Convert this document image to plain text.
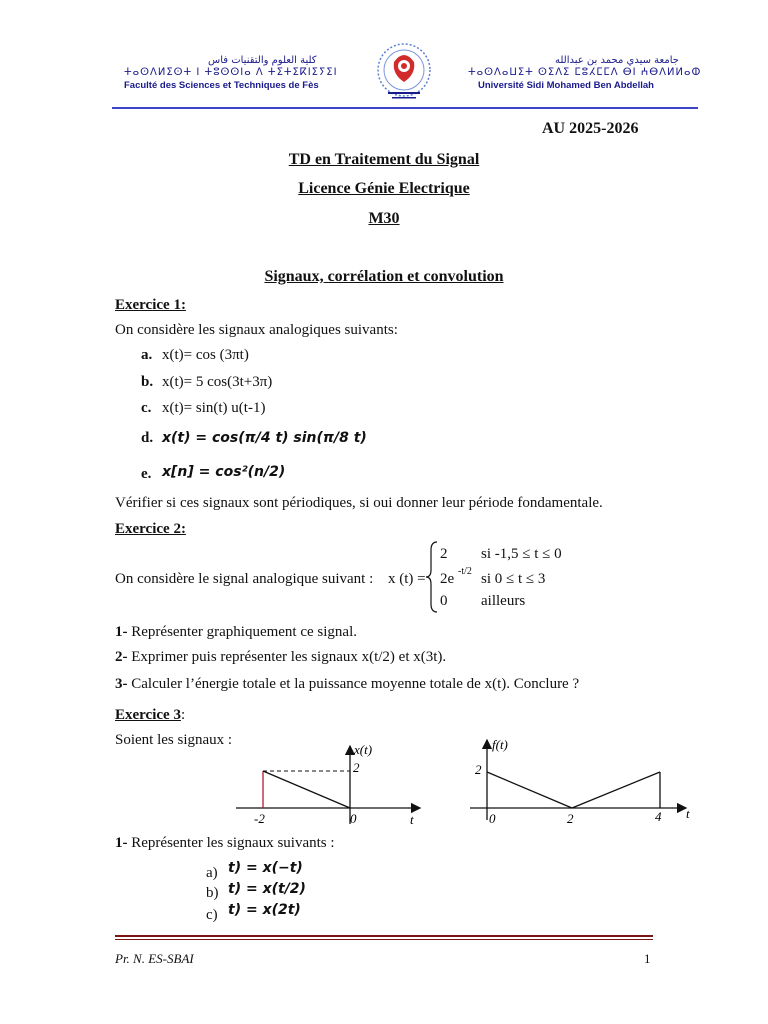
كلية العلوم والتقنيات فاس
ⵜⴰⵙⴷⵍⵉⵙⵜ ⵏ ⵜⵓⵙⵙⵏⴰ ⴷ ⵜⵉⵜⵉⴽⵏⵉⵢⵉⵏ
Faculté des Sciences et Techniques de Fès
جامعة سيدي محمد بن عبدالله
ⵜⴰⵙⴷⴰⵡⵉⵜ ⵙⵉⴷⵉ ⵎⵓⵃⵎⵎⴷ ⴱⵏ ⵄⴱⴷⵍⵍⴰⵀ
Université Sidi Mohamed Ben Abdellah
AU 2025-2026
TD en Traitement du Signal
Licence Génie Electrique
M30
Signaux, corrélation et convolution
Exercice 1:
On considère les signaux analogiques suivants:
a. x(t)= cos (3πt)
b. x(t)= 5 cos(3t+3π)
c. x(t)= sin(t) u(t-1)
d. x(t) = cos(π/4 t) sin(π/8 t)
e. x[n] = cos²(n/2)
Vérifier si ces signaux sont périodiques, si oui donner leur période fondamentale.
Exercice 2:
On considère le signal analogique suivant : x (t) =
2 si -1,5 ≤ t ≤ 0
2e -t/2 si 0 ≤ t ≤ 3
0 ailleurs
1- Représenter graphiquement ce signal.
2- Exprimer puis représenter les signaux x(t/2) et x(3t).
3- Calculer l’énergie totale et la puissance moyenne totale de x(t). Conclure ?
Exercice 3:
Soient les signaux :
x(t)
2
-2	0	t
f(t)
2
0	2	4 t
1- Représenter les signaux suivants :
a) t) = x(−t)
b) t) = x(t/2)
c) t) = x(2t)
Pr. N. ES-SBAI	1
